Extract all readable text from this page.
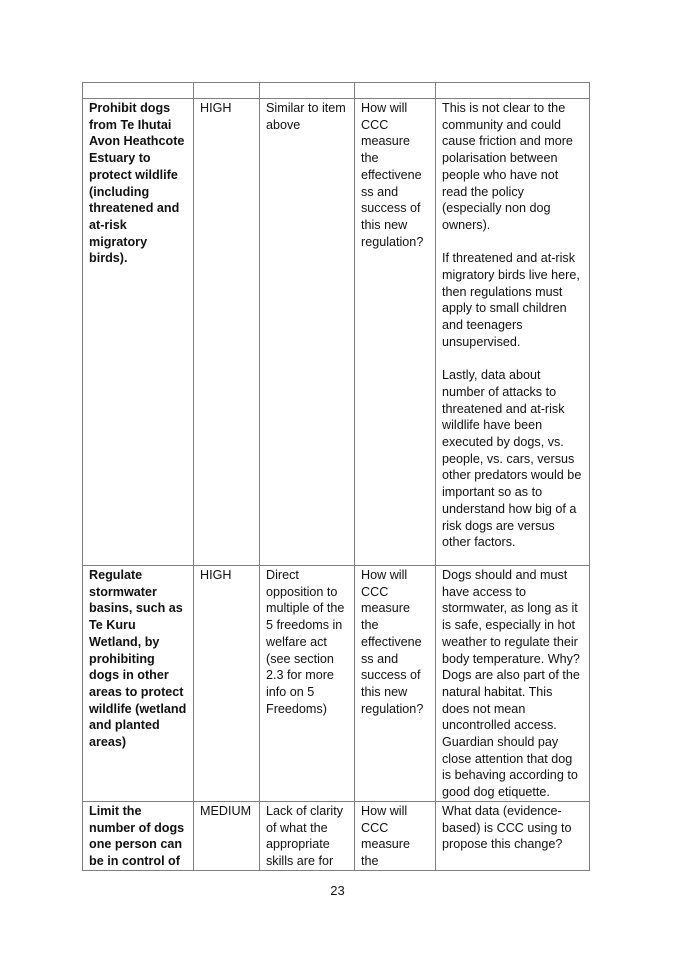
Prohibit dogs from Te Ihutai Avon Heathcote Estuary to protect wildlife (including threatened and at-risk migratory birds).	HIGH	Similar to item above	How will CCC measure the effectivene ss and success of this new regulation?	This is not clear to the community and could cause friction and more polarisation between people who have not read the policy (especially non dog owners).

If threatened and at-risk migratory birds live here, then regulations must apply to small children and teenagers unsupervised.

Lastly, data about number of attacks to threatened and at-risk wildlife have been executed by dogs, vs. people, vs. cars, versus other predators would be important so as to understand how big of a risk dogs are versus other factors.

Regulate stormwater basins, such as Te Kuru Wetland, by prohibiting dogs in other areas to protect wildlife (wetland and planted areas)	HIGH	Direct opposition to multiple of the 5 freedoms in welfare act (see section 2.3 for more info on 5 Freedoms)	How will CCC measure the effectivene ss and success of this new regulation?	Dogs should and must have access to stormwater, as long as it is safe, especially in hot weather to regulate their body temperature. Why? Dogs are also part of the natural habitat. This does not mean uncontrolled access. Guardian should pay close attention that dog is behaving according to good dog etiquette.

Limit the number of dogs one person can be in control of	MEDIUM	Lack of clarity of what the appropriate skills are for	How will CCC measure the	What data (evidence-based) is CCC using to propose this change?

23
